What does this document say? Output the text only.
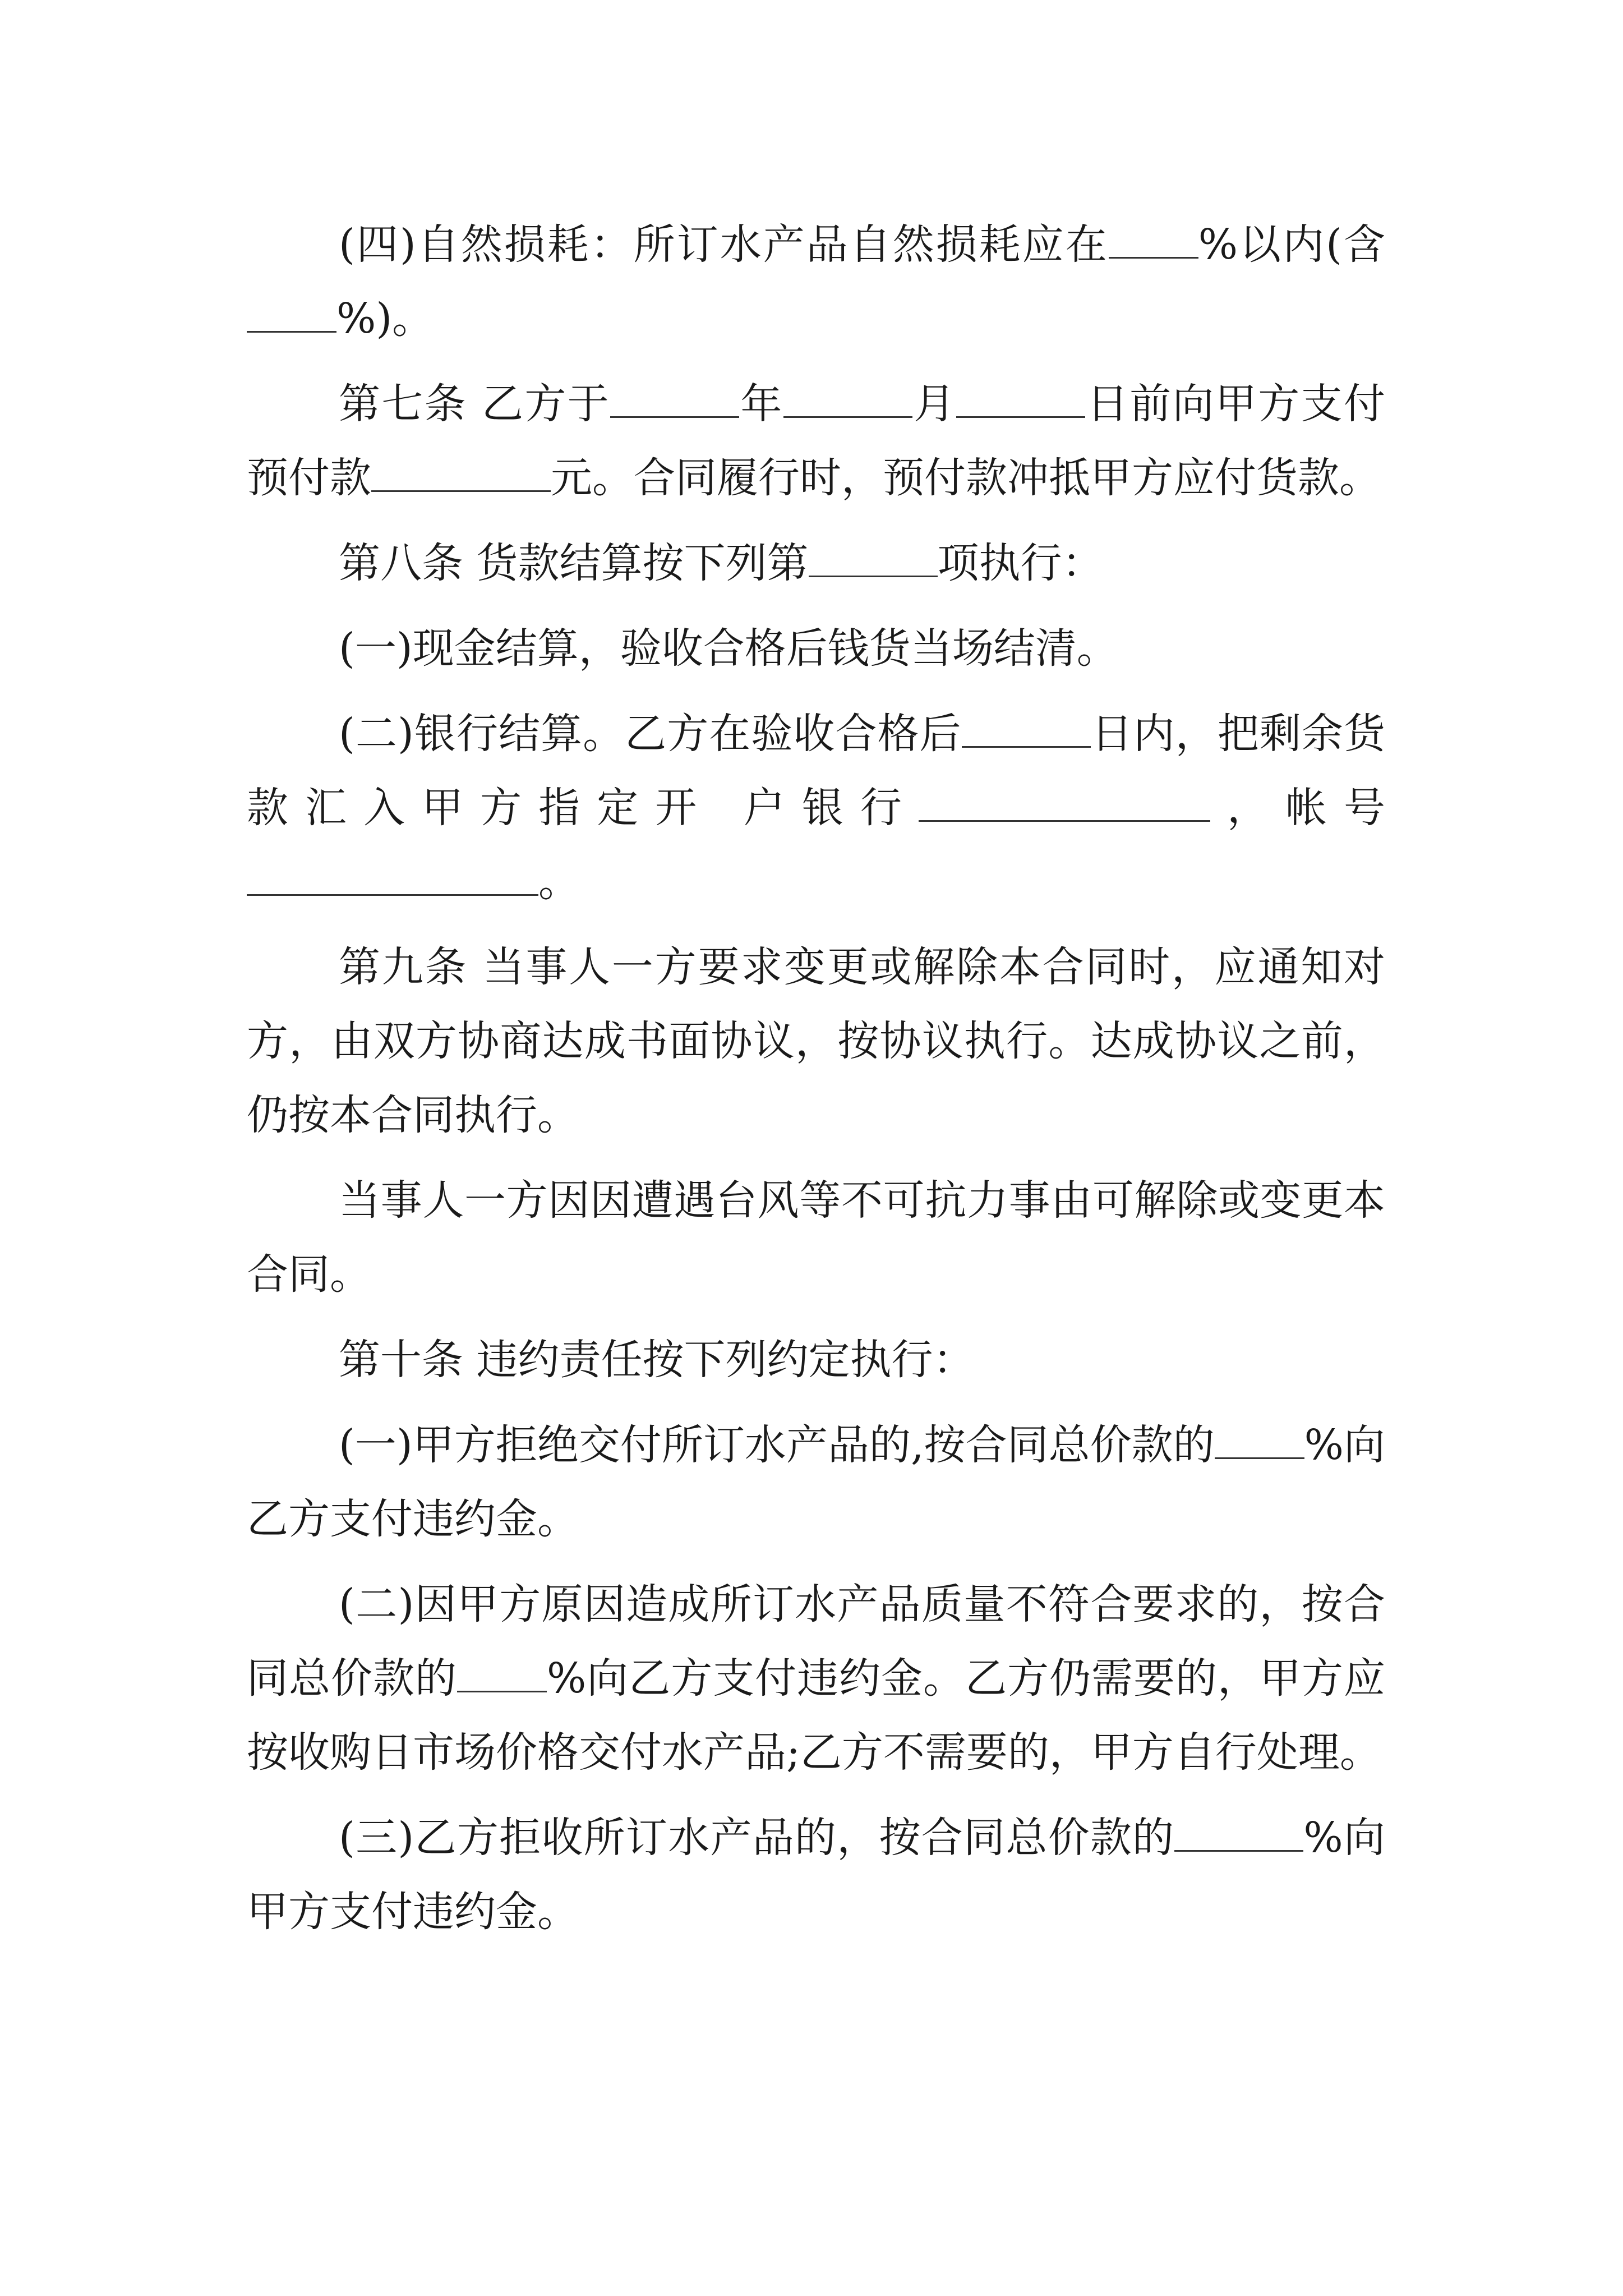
(四)自然损耗：所订水产品自然损耗应在 %以内(含%)。

第七条 乙方于	年	月	日前向甲方支付预付款	元。合同履行时，预付款冲抵甲方应付货款。

第八条 货款结算按下列第	项执行：

(一)现金结算，验收合格后钱货当场结清。

(二)银行结算。乙方在验收合格后	日内，把剩余货款汇入甲方指定开 户银行	，帐号。

第九条 当事人一方要求变更或解除本合同时，应通知对方，由双方协商达成书面协议，按协议执行。达成协议之前，仍按本合同执行。

当事人一方因因遭遇台风等不可抗力事由可解除或变更本合同。

第十条 违约责任按下列约定执行：

(一)甲方拒绝交付所订水产品的,按合同总价款的 %向乙方支付违约金。

(二)因甲方原因造成所订水产品质量不符合要求的，按合同总价款的 %向乙方支付违约金。乙方仍需要的，甲方应按收购日市场价格交付水产品;乙方不需要的，甲方自行处理。

(三)乙方拒收所订水产品的，按合同总价款的	%向甲方支付违约金。
